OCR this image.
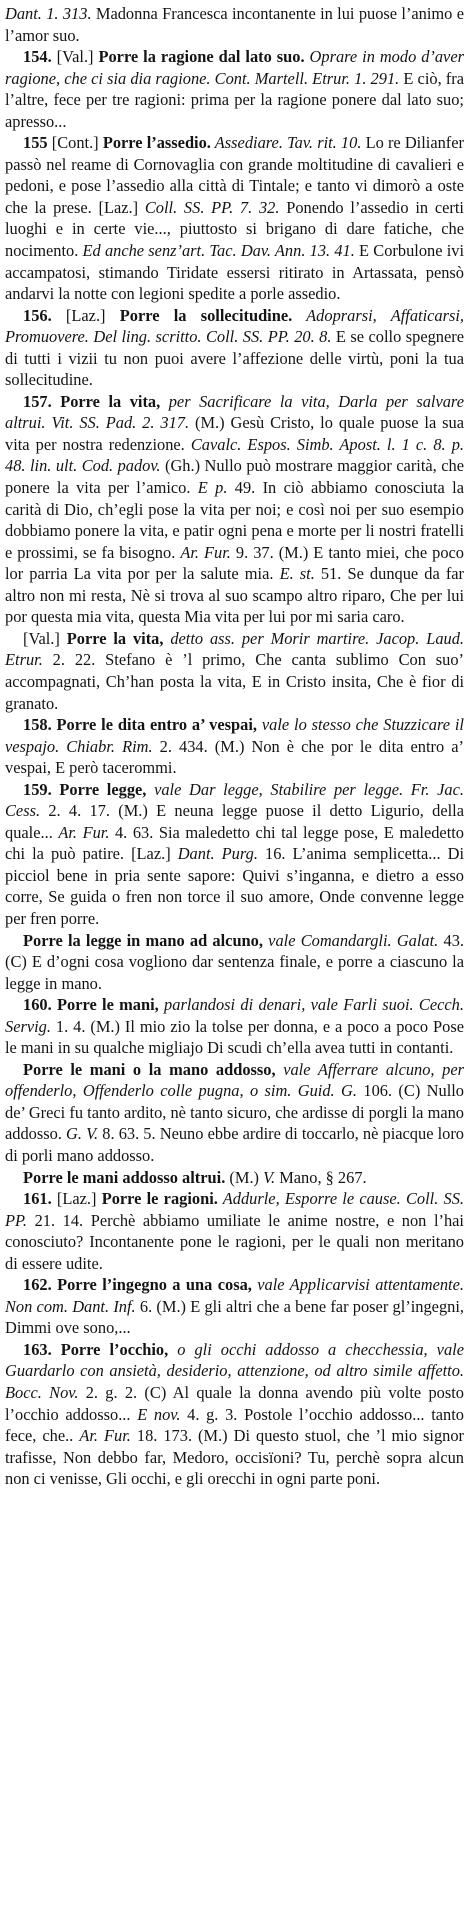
Dant. 1. 313. Madonna Francesca incontanente in lui puose l’animo e l’amor suo.

154. [Val.] Porre la ragione dal lato suo. Oprare in modo d’aver ragione, che ci sia dia ragione. Cont. Martell. Etrur. 1. 291. E ciò, fra l’altre, fece per tre ragioni: prima per la ragione ponere dal lato suo; apresso...

155 [Cont.] Porre l’assedio. Assediare. Tav. rit. 10. Lo re Dilianfer passò nel reame di Cornovaglia con grande moltitudine di cavalieri e pedoni, e pose l’assedio alla città di Tintale; e tanto vi dimorò a oste che la prese. [Laz.] Coll. SS. PP. 7. 32. Ponendo l’assedio in certi luoghi e in certe vie..., piuttosto si brigano di dare fatiche, che nocimento. Ed anche senz’art. Tac. Dav. Ann. 13. 41. E Corbulone ivi accampatosi, stimando Tiridate essersi ritirato in Artassata, pensò andarvi la notte con legioni spedite a porle assedio.

156. [Laz.] Porre la sollecitudine. Adoprarsi, Affaticarsi, Promuovere. Del ling. scritto. Coll. SS. PP. 20. 8. E se collo spegnere di tutti i vizii tu non puoi avere l’affezione delle virtù, poni la tua sollecitudine.

157. Porre la vita, per Sacrificare la vita, Darla per salvare altrui. Vit. SS. Pad. 2. 317. (M.) Gesù Cristo, lo quale puose la sua vita per nostra redenzione. Cavalc. Espos. Simb. Apost. l. 1 c. 8. p. 48. lin. ult. Cod. padov. (Gh.) Nullo può mostrare maggior carità, che ponere la vita per l’amico. E p. 49. In ciò abbiamo conosciuta la carità di Dio, ch’egli pose la vita per noi; e così noi per suo esempio dobbiamo ponere la vita, e patir ogni pena e morte per li nostri fratelli e prossimi, se fa bisogno. Ar. Fur. 9. 37. (M.) E tanto miei, che poco lor parria La vita por per la salute mia. E. st. 51. Se dunque da far altro non mi resta, Nè si trova al suo scampo altro riparo, Che per lui por questa mia vita, questa Mia vita per lui por mi saria caro.

[Val.] Porre la vita, detto ass. per Morir martire. Jacop. Laud. Etrur. 2. 22. Stefano è ’l primo, Che canta sublimo Con suo’ accompagnati, Ch’han posta la vita, E in Cristo insita, Che è fior di granato.

158. Porre le dita entro a’ vespai, vale lo stesso che Stuzzicare il vespajo. Chiabr. Rim. 2. 434. (M.) Non è che por le dita entro a’ vespai, E però tacerommi.

159. Porre legge, vale Dar legge, Stabilire per legge. Fr. Jac. Cess. 2. 4. 17. (M.) E neuna legge puose il detto Ligurio, della quale... Ar. Fur. 4. 63. Sia maledetto chi tal legge pose, E maledetto chi la può patire. [Laz.] Dant. Purg. 16. L’anima semplicetta... Di picciol bene in pria sente sapore: Quivi s’inganna, e dietro a esso corre, Se guida o fren non torce il suo amore, Onde convenne legge per fren porre.

Porre la legge in mano ad alcuno, vale Comandargli. Galat. 43. (C) E d’ogni cosa vogliono dar sentenza finale, e porre a ciascuno la legge in mano.

160. Porre le mani, parlandosi di denari, vale Farli suoi. Cecch. Servig. 1. 4. (M.) Il mio zio la tolse per donna, e a poco a poco Pose le mani in su qualche migliajo Di scudi ch’ella avea tutti in contanti.

Porre le mani o la mano addosso, vale Afferrare alcuno, per offenderlo, Offenderlo colle pugna, o sim. Guid. G. 106. (C) Nullo de’ Greci fu tanto ardito, nè tanto sicuro, che ardisse di porgli la mano addosso. G. V. 8. 63. 5. Neuno ebbe ardire di toccarlo, nè piacque loro di porli mano addosso.

Porre le mani addosso altrui. (M.) V. Mano, § 267.

161. [Laz.] Porre le ragioni. Addurle, Esporre le cause. Coll. SS. PP. 21. 14. Perchè abbiamo umiliate le anime nostre, e non l’hai conosciuto? Incontanente pone le ragioni, per le quali non meritano di essere udite.

162. Porre l’ingegno a una cosa, vale Applicarvisi attentamente. Non com. Dant. Inf. 6. (M.) E gli altri che a bene far poser gl’ingegni, Dimmi ove sono,...

163. Porre l’occhio, o gli occhi addosso a checchessia, vale Guardarlo con ansietà, desiderio, attenzione, od altro simile affetto. Bocc. Nov. 2. g. 2. (C) Al quale la donna avendo più volte posto l’occhio addosso... E nov. 4. g. 3. Postole l’occhio addosso... tanto fece, che.. Ar. Fur. 18. 173. (M.) Di questo stuol, che ’l mio signor trafisse, Non debbo far, Medoro, occisïoni? Tu, perchè sopra alcun non ci venisse, Gli occhi, e gli orecchi in ogni parte poni.
